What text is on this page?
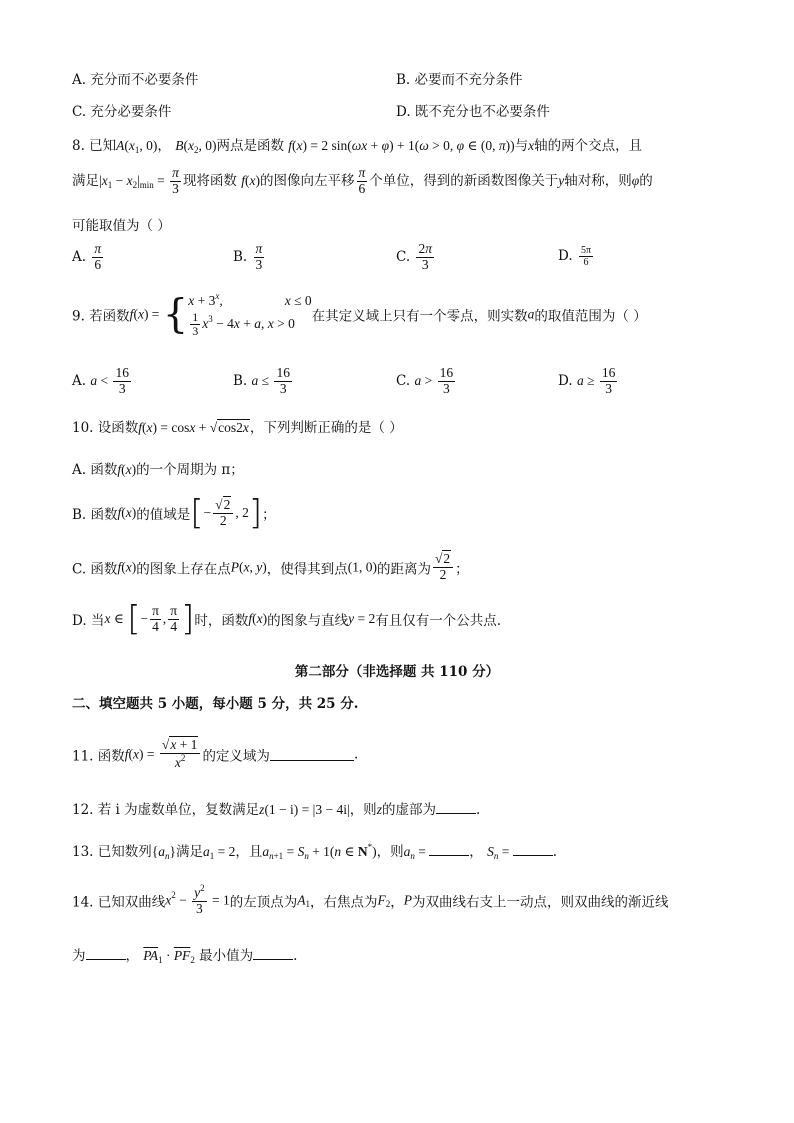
A. 充分而不必要条件	B. 必要而不充分条件
C. 充分必要条件	D. 既不充分也不必要条件
8. 已知$A(x_1$, 0)， $B(x_2$, 0)两点是函数 f(x) = 2 sin(ωx + φ) + 1(ω > 0, φ ∈ (0, π))与x轴的两个交点，且
满足$|x_1 - x_2|_{min} = \frac{\pi}{3}$ 现将函数 f(x)的图像向左平移 $\frac{\pi}{6}$ 个单位，得到的新函数图像关于y轴对称，则φ的
可能取值为（ ）
A. $\frac{\pi}{6}$	B. $\frac{\pi}{3}$	C. $\frac{2\pi}{3}$	D. $\frac{5\pi}{6}$
9. 若函数f(x) = { $x + 3^x$,	x ≤ 0
$\frac{1}{3} x^3 - 4x + a$, x > 0	在其定义域上只有一个零点，则实数a的取值范围为（ ）
A. $a < \frac{16}{3}$	B. $a \le \frac{16}{3}$	C. $a > \frac{16}{3}$	D. $a \ge \frac{16}{3}$
10. 设函数f(x) = cosx + √cos2x，下列判断正确的是（ ）
A. 函数f(x)的一个周期为 π；
B. 函数f(x)的值域是[− $\frac{√2}{2}$ , 2]；
C. 函数f(x)的图象上存在点P(x, y)，使得其到点(1, 0)的距离为 $\frac{√2}{2}$ ；
D. 当x ∈ [− $\frac{\pi}{4}$ , $\frac{\pi}{4}$ ]时，函数f(x)的图象与直线y = 2有且仅有一个公共点.
第二部分（非选择题 共 110 分）
二、填空题共 5 小题，每小题 5 分，共 25 分.
11. 函数$f(x) = \frac{√x + 1}{x^2}$ 的定义域为	.
12. 若 i 为虚数单位，复数满足z(1 − i) = |3 − 4i|，则z的虚部为	.
13. 已知数列$\{a_n\}$满足$a_1 = 2$，且$a_{n+1} = S_n + 1(n$ ∈ N*)，则$a_n$ =	， $S_n$ =	.
14. 已知双曲线$x^2 - \frac{y^2}{3} = 1$的左顶点为$A_1$，右焦点为$F_2$，P为双曲线右支上一动点，则双曲线的渐近线
为	， $\overline{PA}_1 \cdot \overline{PF}_2$ 最小值为	.
